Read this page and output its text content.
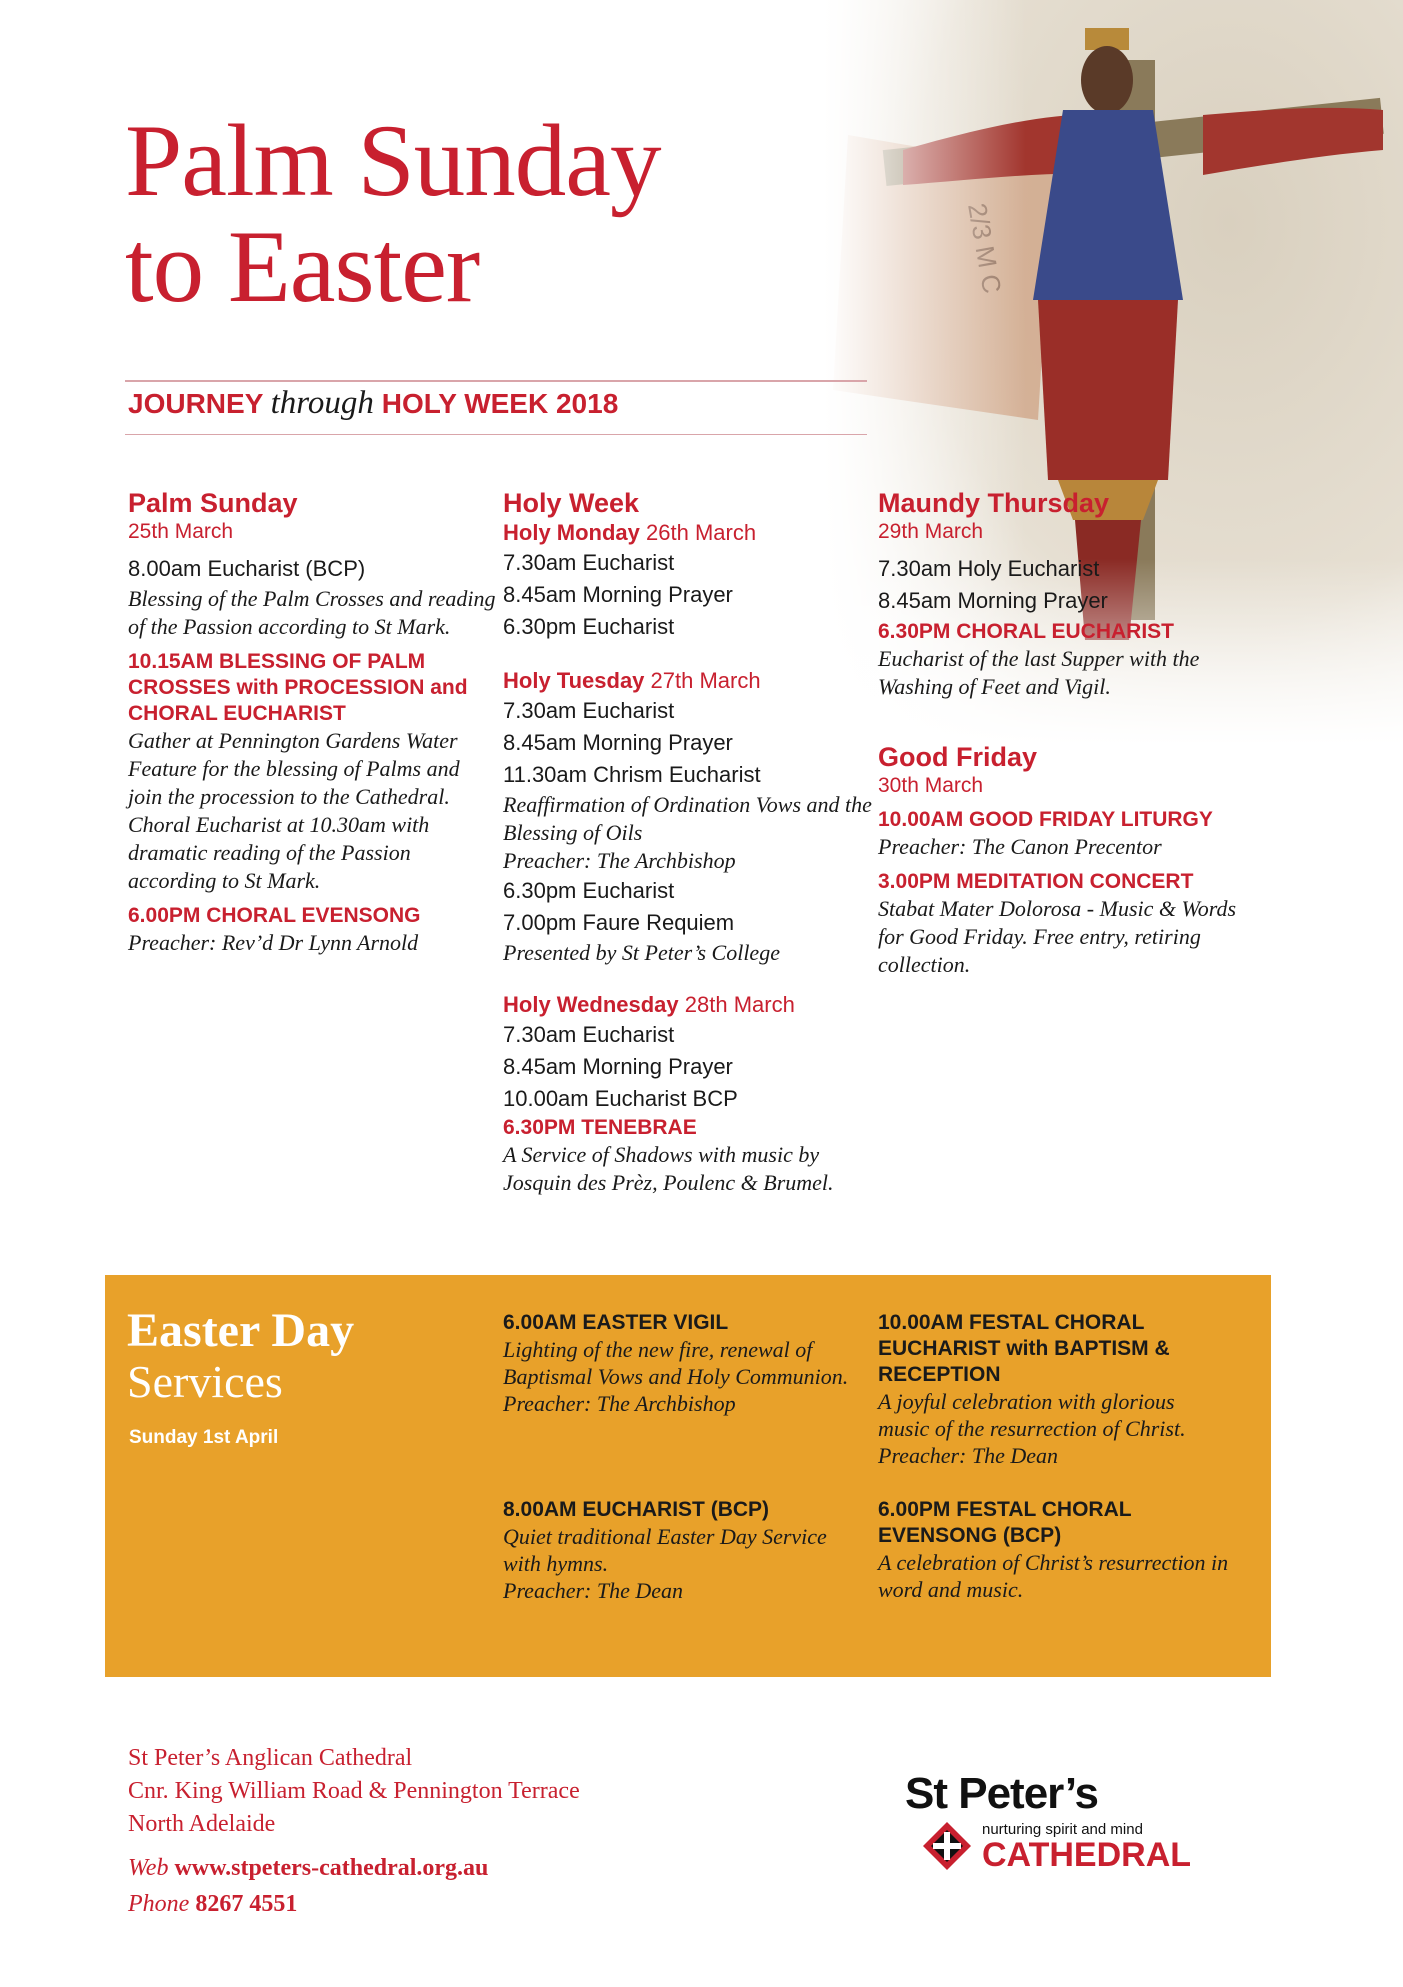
Palm Sunday
to Easter
JOURNEY through HOLY WEEK 2018
Palm Sunday
25th March
8.00am Eucharist (BCP)
Blessing of the Palm Crosses and reading of the Passion according to St Mark.
10.15AM BLESSING OF PALM CROSSES with PROCESSION and CHORAL EUCHARIST
Gather at Pennington Gardens Water Feature for the blessing of Palms and join the procession to the Cathedral. Choral Eucharist at 10.30am with dramatic reading of the Passion according to St Mark.
6.00PM CHORAL EVENSONG
Preacher: Rev’d Dr Lynn Arnold
Holy Week
Holy Monday 26th March
7.30am Eucharist
8.45am Morning Prayer
6.30pm Eucharist
Holy Tuesday 27th March
7.30am Eucharist
8.45am Morning Prayer
11.30am Chrism Eucharist
Reaffirmation of Ordination Vows and the Blessing of Oils
Preacher: The Archbishop
6.30pm Eucharist
7.00pm Faure Requiem
Presented by St Peter’s College
Holy Wednesday 28th March
7.30am Eucharist
8.45am Morning Prayer
10.00am Eucharist BCP
6.30PM TENEBRAE
A Service of Shadows with music by Josquin des Prèz, Poulenc & Brumel.
Maundy Thursday
29th March
7.30am Holy Eucharist
8.45am Morning Prayer
6.30PM CHORAL EUCHARIST
Eucharist of the last Supper with the Washing of Feet and Vigil.
Good Friday
30th March
10.00AM GOOD FRIDAY LITURGY
Preacher: The Canon Precentor
3.00PM MEDITATION CONCERT
Stabat Mater Dolorosa - Music & Words for Good Friday. Free entry, retiring collection.
Easter Day
Services
Sunday 1st April
6.00AM EASTER VIGIL
Lighting of the new fire, renewal of Baptismal Vows and Holy Communion.
Preacher: The Archbishop
8.00AM EUCHARIST (BCP)
Quiet traditional Easter Day Service with hymns.
Preacher: The Dean
10.00AM FESTAL CHORAL EUCHARIST with BAPTISM & RECEPTION
A joyful celebration with glorious music of the resurrection of Christ.
Preacher: The Dean
6.00PM FESTAL CHORAL EVENSONG (BCP)
A celebration of Christ’s resurrection in word and music.
St Peter’s Anglican Cathedral
Cnr. King William Road & Pennington Terrace
North Adelaide
Web www.stpeters-cathedral.org.au
Phone 8267 4551
St Peter’s
nurturing spirit and mind
CATHEDRAL
